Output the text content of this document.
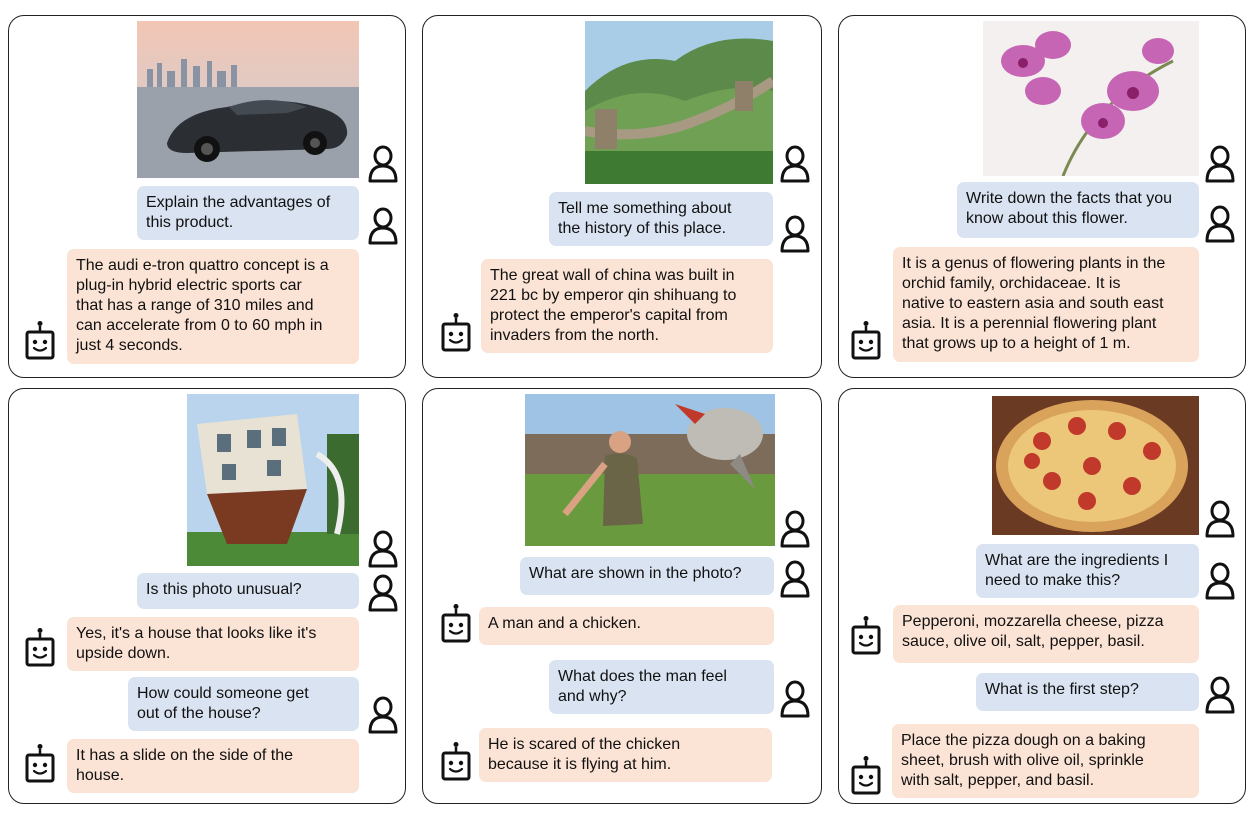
Explain the advantages of
this product.
The audi e-tron quattro concept is a
plug-in hybrid electric sports car
that has a range of 310 miles and
can accelerate from 0 to 60 mph in
just 4 seconds.
Tell me something about
the history of this place.
The great wall of china was built in
221 bc by emperor qin shihuang to
protect the emperor's capital from
invaders from the north.
Write down the facts that you
know about this flower.
It is a genus of flowering plants in the
orchid family, orchidaceae. It is
native to eastern asia and south east
asia. It is a perennial flowering plant
that grows up to a height of 1 m.
Is this photo unusual?
Yes, it's a house that looks like it's
upside down.
How could someone get
out of the house?
It has a slide on the side of the
house.
What are shown in the photo?
A man and a chicken.
What does the man feel
and why?
He is scared of the chicken
because it is flying at him.
What are the ingredients I
need to make this?
Pepperoni, mozzarella cheese, pizza
sauce, olive oil, salt, pepper, basil.
What is the first step?
Place the pizza dough on a baking
sheet, brush with olive oil, sprinkle
with salt, pepper, and basil.
